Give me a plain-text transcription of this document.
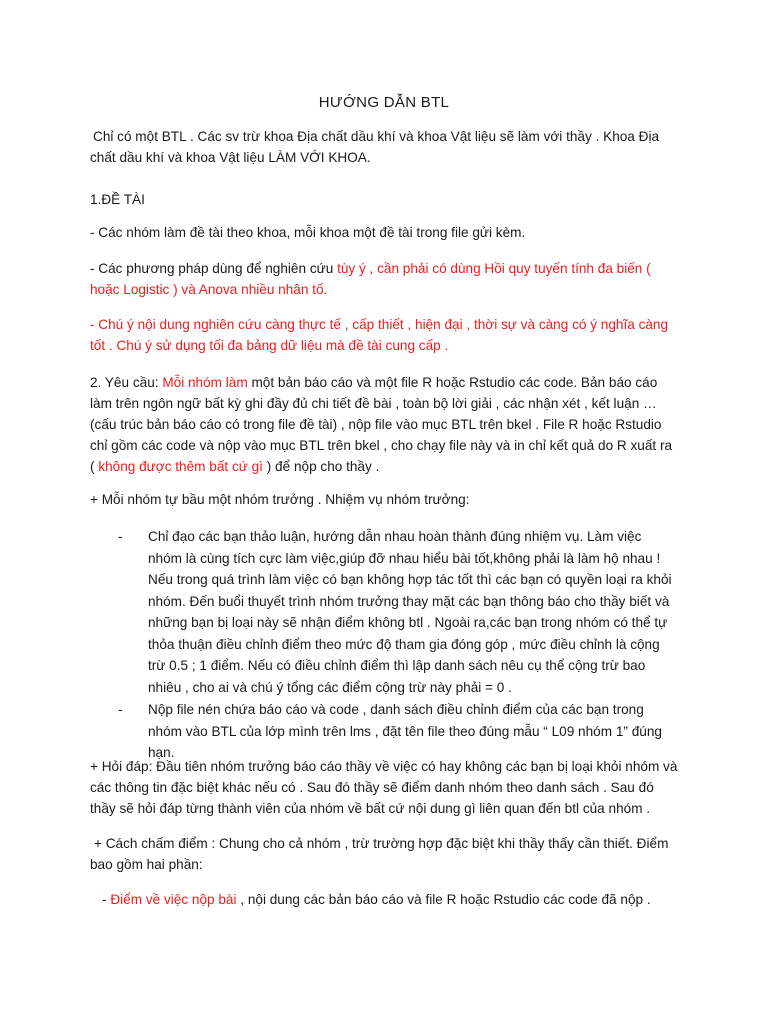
HƯỚNG DẪN BTL

Chỉ có một BTL . Các sv trừ khoa Địa chất dầu khí và khoa Vật liệu sẽ làm với thầy . Khoa Địa chất dầu khí và khoa Vật liệu LÀM VỚI KHOA.

1.ĐỀ TÀI

- Các nhóm làm đề tài theo khoa, mỗi khoa một đề tài trong file gửi kèm.

- Các phương pháp dùng để nghiên cứu tùy ý , cần phải có dùng Hồi quy tuyến tính đa biến ( hoặc Logistic ) và Anova nhiều nhân tố.

- Chú ý nội dung nghiên cứu càng thực tế , cấp thiết , hiện đại , thời sự và càng có ý nghĩa càng tốt . Chú ý sử dụng tối đa bảng dữ liệu mà đề tài cung cấp .

2. Yêu cầu: Mỗi nhóm làm một bản báo cáo và một file R hoặc Rstudio các code. Bản báo cáo làm trên ngôn ngữ bất kỳ ghi đầy đủ chi tiết đề bài , toàn bộ lời giải , các nhận xét , kết luận … (cấu trúc bản báo cáo có trong file đề tài) , nộp file vào mục BTL trên bkel . File R hoặc Rstudio chỉ gồm các code và nộp vào mục BTL trên bkel , cho chạy file này và in chỉ kết quả do R xuất ra ( không được thêm bất cứ gì ) để nộp cho thầy .

+ Mỗi nhóm tự bầu một nhóm trưởng . Nhiệm vụ nhóm trưởng:

- Chỉ đạo các bạn thảo luận, hướng dẫn nhau hoàn thành đúng nhiệm vụ. Làm việc nhóm là cùng tích cực làm việc,giúp đỡ nhau hiểu bài tốt,không phải là làm hộ nhau ! Nếu trong quá trình làm việc có bạn không hợp tác tốt thì các bạn có quyền loại ra khỏi nhóm. Đến buổi thuyết trình nhóm trưởng thay mặt các bạn thông báo cho thầy biết và những bạn bị loại này sẽ nhận điểm không btl . Ngoài ra,các bạn trong nhóm có thể tự thỏa thuận điều chỉnh điểm theo mức độ tham gia đóng góp , mức điều chỉnh là cộng trừ 0.5 ; 1 điểm. Nếu có điều chỉnh điểm thì lập danh sách nêu cụ thể cộng trừ bao nhiêu , cho ai và chú ý tổng các điểm cộng trừ này phải = 0 .

- Nộp file nén chứa báo cáo và code , danh sách điều chỉnh điểm của các bạn trong nhóm vào BTL của lớp mình trên lms , đặt tên file theo đúng mẫu “ L09 nhóm 1” đúng hạn.

+ Hỏi đáp: Đầu tiên nhóm trưởng báo cáo thầy về việc có hay không các bạn bị loại khỏi nhóm và các thông tin đặc biệt khác nếu có . Sau đó thầy sẽ điểm danh nhóm theo danh sách . Sau đó thầy sẽ hỏi đáp từng thành viên của nhóm về bất cứ nội dung gì liên quan đến btl của nhóm .

+ Cách chấm điểm : Chung cho cả nhóm , trừ trường hợp đặc biệt khi thầy thấy cần thiết. Điểm bao gồm hai phần:

- Điểm về việc nộp bài , nội dung các bản báo cáo và file R hoặc Rstudio các code đã nộp .
